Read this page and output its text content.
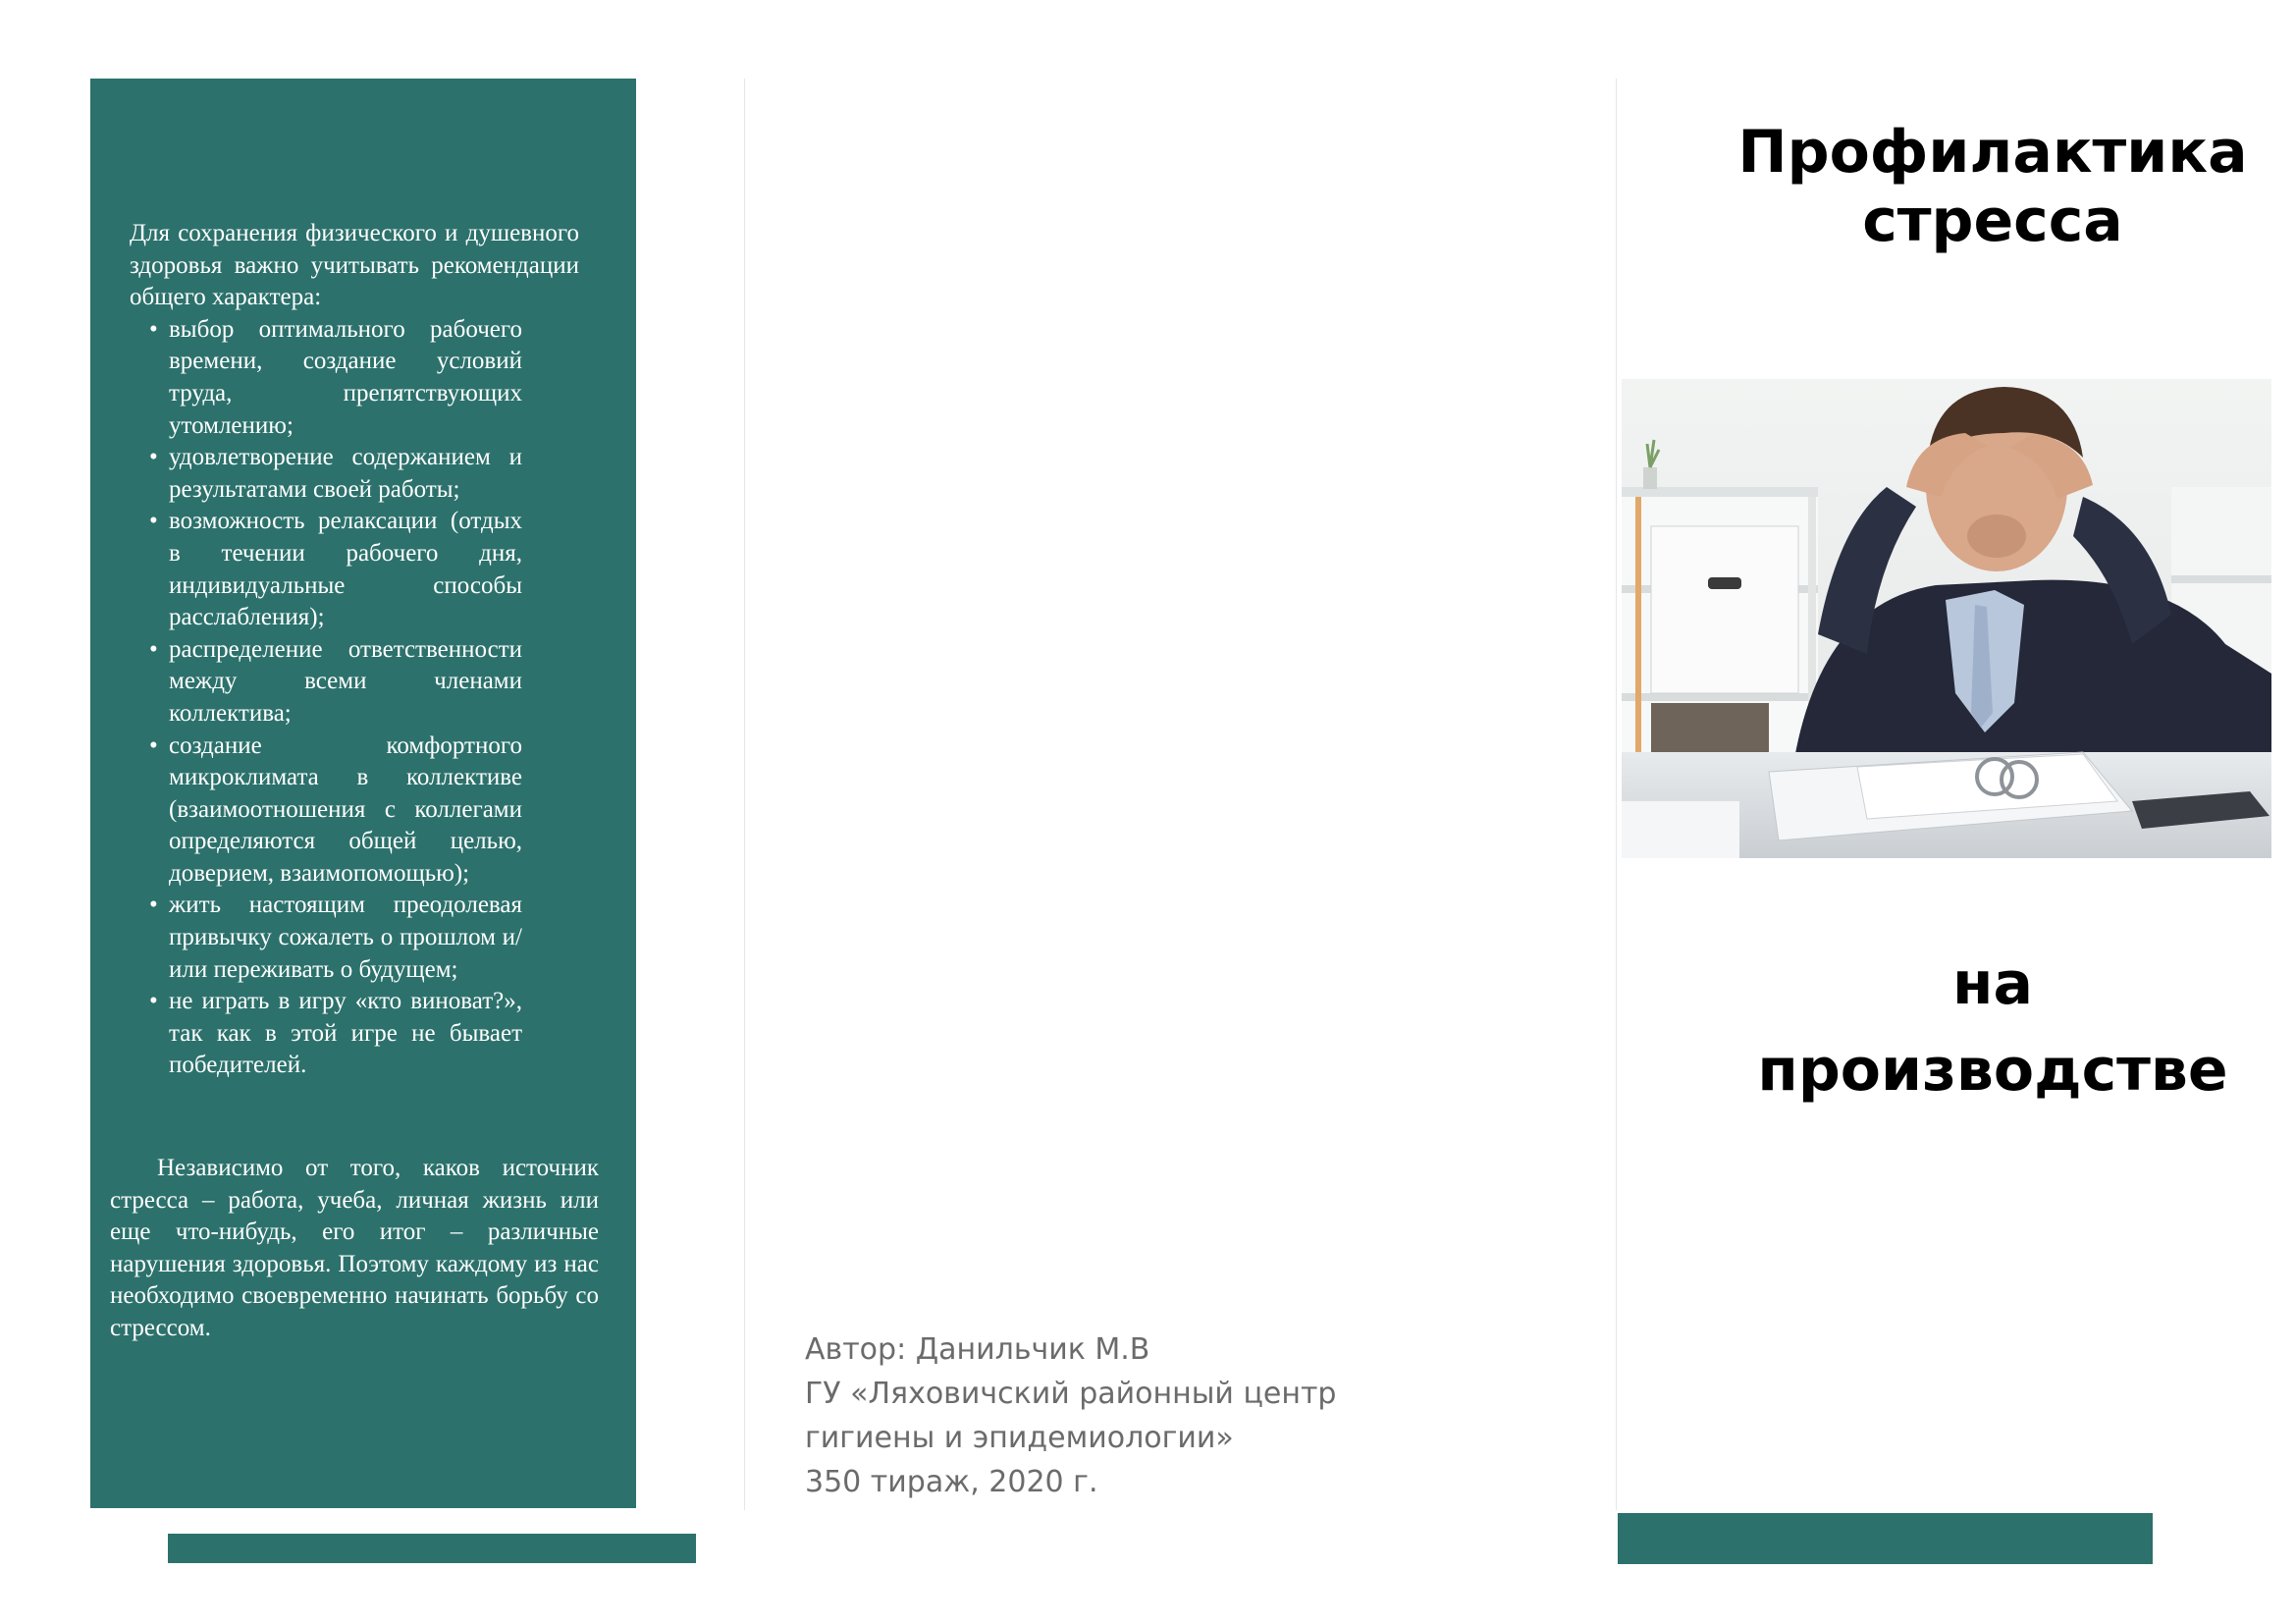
Для сохранения физического и душевного здоровья важно учитывать рекомендации общего характера:

• выбор оптимального рабочего времени, создание условий труда, препятствующих утомлению;
• удовлетворение содержанием и результатами своей работы;
• возможность релаксации (отдых в течении рабочего дня, индивидуальные способы расслабления);
• распределение ответственности между всеми членами коллектива;
• создание комфортного микроклимата в коллективе (взаимоотношения с коллегами определяются общей целью, доверием, взаимопомощью);
• жить настоящим преодолевая привычку сожалеть о прошлом и/или переживать о будущем;
• не играть в игру «кто виноват?», так как в этой игре не бывает победителей.

Независимо от того, каков источник стресса – работа, учеба, личная жизнь или еще что-нибудь, его итог – различные нарушения здоровья. Поэтому каждому из нас необходимо своевременно начинать борьбу со стрессом.

Автор: Данильчик М.В
ГУ «Ляховичский районный центр
гигиены и эпидемиологии»
350 тираж, 2020 г.
Профилактика
стресса
на
производстве
